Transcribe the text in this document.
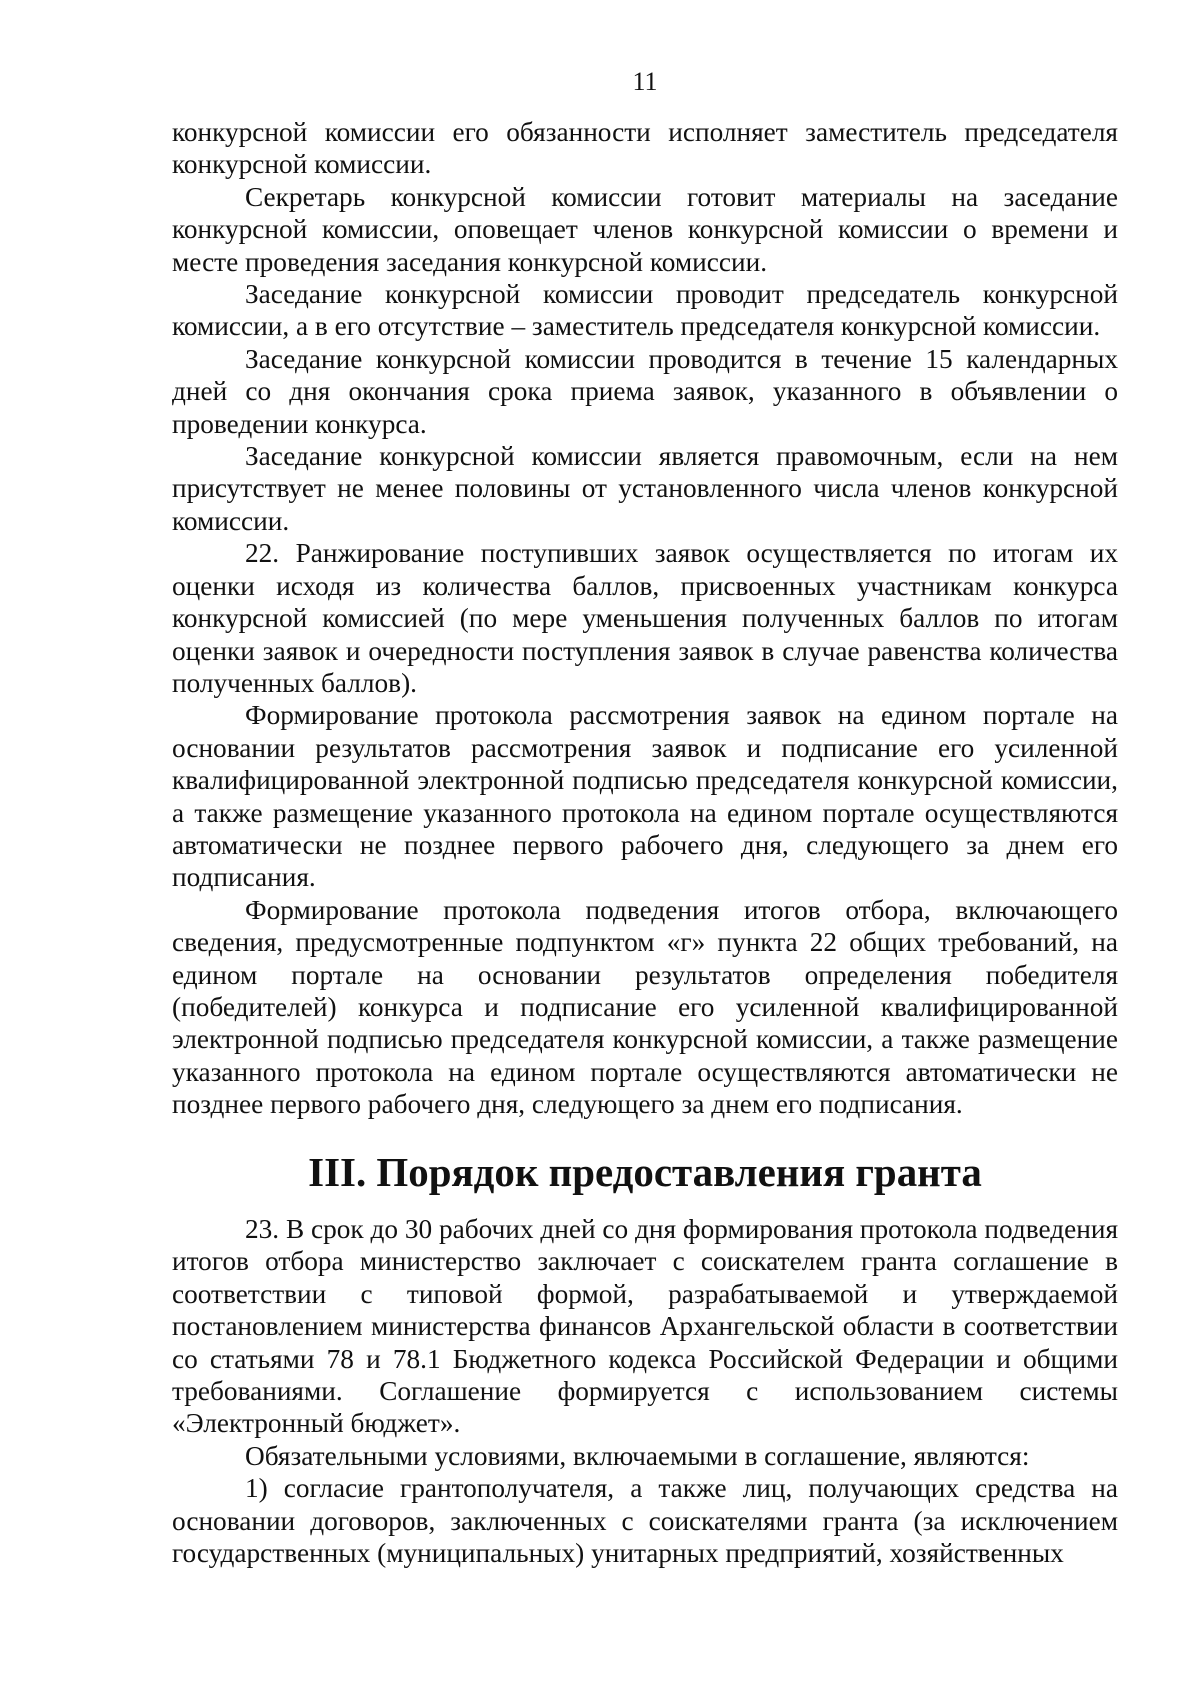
11

конкурсной комиссии его обязанности исполняет заместитель председателя конкурсной комиссии.

Секретарь конкурсной комиссии готовит материалы на заседание конкурсной комиссии, оповещает членов конкурсной комиссии о времени и месте проведения заседания конкурсной комиссии.

Заседание конкурсной комиссии проводит председатель конкурсной комиссии, а в его отсутствие – заместитель председателя конкурсной комиссии.

Заседание конкурсной комиссии проводится в течение 15 календарных дней со дня окончания срока приема заявок, указанного в объявлении о проведении конкурса.

Заседание конкурсной комиссии является правомочным, если на нем присутствует не менее половины от установленного числа членов конкурсной комиссии.

22. Ранжирование поступивших заявок осуществляется по итогам их оценки исходя из количества баллов, присвоенных участникам конкурса конкурсной комиссией (по мере уменьшения полученных баллов по итогам оценки заявок и очередности поступления заявок в случае равенства количества полученных баллов).

Формирование протокола рассмотрения заявок на едином портале на основании результатов рассмотрения заявок и подписание его усиленной квалифицированной электронной подписью председателя конкурсной комиссии, а также размещение указанного протокола на едином портале осуществляются автоматически не позднее первого рабочего дня, следующего за днем его подписания.

Формирование протокола подведения итогов отбора, включающего сведения, предусмотренные подпунктом «г» пункта 22 общих требований, на едином портале на основании результатов определения победителя (победителей) конкурса и подписание его усиленной квалифицированной электронной подписью председателя конкурсной комиссии, а также размещение указанного протокола на едином портале осуществляются автоматически не позднее первого рабочего дня, следующего за днем его подписания.

III. Порядок предоставления гранта

23. В срок до 30 рабочих дней со дня формирования протокола подведения итогов отбора министерство заключает с соискателем гранта соглашение в соответствии с типовой формой, разрабатываемой и утверждаемой постановлением министерства финансов Архангельской области в соответствии со статьями 78 и 78.1 Бюджетного кодекса Российской Федерации и общими требованиями. Соглашение формируется с использованием системы «Электронный бюджет».

Обязательными условиями, включаемыми в соглашение, являются:

1) согласие грантополучателя, а также лиц, получающих средства на основании договоров, заключенных с соискателями гранта (за исключением государственных (муниципальных) унитарных предприятий, хозяйственных
